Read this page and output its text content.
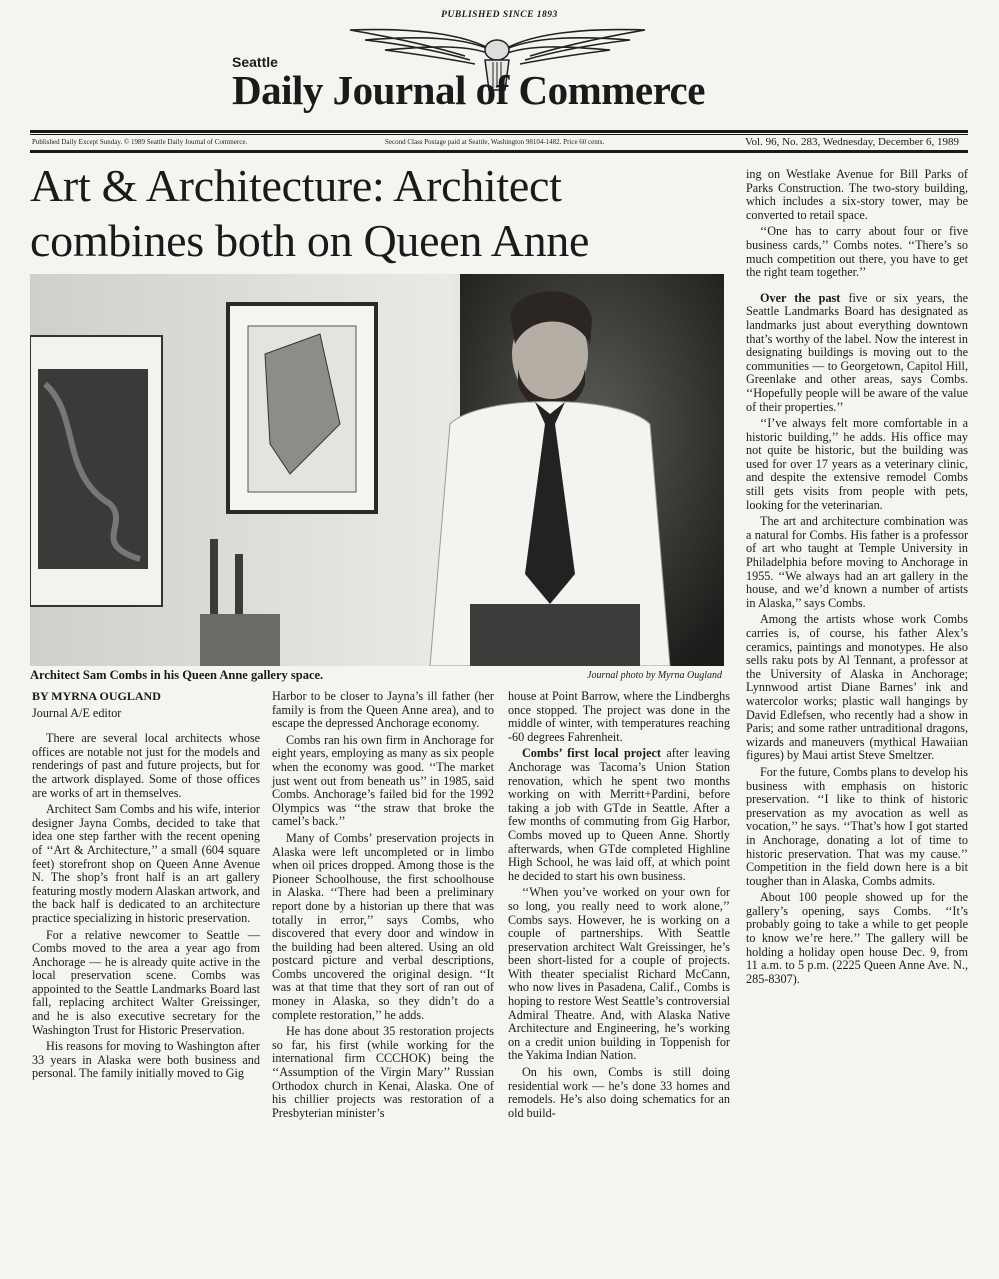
PUBLISHED SINCE 1893
Seattle
Daily Journal of Commerce
Published Daily Except Sunday. © 1989 Seattle Daily Journal of Commerce.	Second Class Postage paid at Seattle, Washington 98104-1482. Price 60 cents.	Vol. 96, No. 283, Wednesday, December 6, 1989
Art & Architecture: Architect
combines both on Queen Anne
Architect Sam Combs in his Queen Anne gallery space.	Journal photo by Myrna Ougland

BY MYRNA OUGLAND

Journal A/E editor

There are several local architects whose offices are notable not just for the models and renderings of past and future projects, but for the artwork displayed. Some of those offices are works of art in themselves.

Architect Sam Combs and his wife, interior designer Jayna Combs, decided to take that idea one step farther with the recent opening of ‘‘Art & Architecture,’’ a small (604 square feet) storefront shop on Queen Anne Avenue N. The shop’s front half is an art gallery featuring mostly modern Alaskan artwork, and the back half is dedicated to an architecture practice specializing in historic preservation.

For a relative newcomer to Seattle — Combs moved to the area a year ago from Anchorage — he is already quite active in the local preservation scene. Combs was appointed to the Seattle Landmarks Board last fall, replacing architect Walter Greissinger, and he is also executive secretary for the Washington Trust for Historic Preservation.

His reasons for moving to Washington after 33 years in Alaska were both business and personal. The family initially moved to Gig

Harbor to be closer to Jayna’s ill father (her family is from the Queen Anne area), and to escape the depressed Anchorage economy.

Combs ran his own firm in Anchorage for eight years, employing as many as six people when the economy was good. ‘‘The market just went out from beneath us’’ in 1985, said Combs. Anchorage’s failed bid for the 1992 Olympics was ‘‘the straw that broke the camel’s back.’’

Many of Combs’ preservation projects in Alaska were left uncompleted or in limbo when oil prices dropped. Among those is the Pioneer Schoolhouse, the first schoolhouse in Alaska. ‘‘There had been a preliminary report done by a historian up there that was totally in error,’’ says Combs, who discovered that every door and window in the building had been altered. Using an old postcard picture and verbal descriptions, Combs uncovered the original design. ‘‘It was at that time that they sort of ran out of money in Alaska, so they didn’t do a complete restoration,’’ he adds.

He has done about 35 restoration projects so far, his first (while working for the international firm CCCHOK) being the ‘‘Assumption of the Virgin Mary’’ Russian Orthodox church in Kenai, Alaska. One of his chillier projects was restoration of a Presbyterian minister’s

house at Point Barrow, where the Lindberghs once stopped. The project was done in the middle of winter, with temperatures reaching -60 degrees Fahrenheit.

Combs’ first local project after leaving Anchorage was Tacoma’s Union Station renovation, which he spent two months working on with Merritt+Pardini, before taking a job with GTde in Seattle. After a few months of commuting from Gig Harbor, Combs moved up to Queen Anne. Shortly afterwards, when GTde completed Highline High School, he was laid off, at which point he decided to start his own business.

‘‘When you’ve worked on your own for so long, you really need to work alone,’’ Combs says. However, he is working on a couple of partnerships. With Seattle preservation architect Walt Greissinger, he’s been short-listed for a couple of projects. With theater specialist Richard McCann, who now lives in Pasadena, Calif., Combs is hoping to restore West Seattle’s controversial Admiral Theatre. And, with Alaska Native Architecture and Engineering, he’s working on a credit union building in Toppenish for the Yakima Indian Nation.

On his own, Combs is still doing residential work — he’s done 33 homes and remodels. He’s also doing schematics for an old build-

ing on Westlake Avenue for Bill Parks of Parks Construction. The two-story building, which includes a six-story tower, may be converted to retail space.

‘‘One has to carry about four or five business cards,’’ Combs notes. ‘‘There’s so much competition out there, you have to get the right team together.’’

Over the past five or six years, the Seattle Landmarks Board has designated as landmarks just about everything downtown that’s worthy of the label. Now the interest in designating buildings is moving out to the communities — to Georgetown, Capitol Hill, Greenlake and other areas, says Combs. ‘‘Hopefully people will be aware of the value of their properties.’’

‘‘I’ve always felt more comfortable in a historic building,’’ he adds. His office may not quite be historic, but the building was used for over 17 years as a veterinary clinic, and despite the extensive remodel Combs still gets visits from people with pets, looking for the veterinarian.

The art and architecture combination was a natural for Combs. His father is a professor of art who taught at Temple University in Philadelphia before moving to Anchorage in 1955. ‘‘We always had an art gallery in the house, and we’d known a number of artists in Alaska,’’ says Combs.

Among the artists whose work Combs carries is, of course, his father Alex’s ceramics, paintings and monotypes. He also sells raku pots by Al Tennant, a professor at the University of Alaska in Anchorage; Lynnwood artist Diane Barnes’ ink and watercolor works; plastic wall hangings by David Edlefsen, who recently had a show in Paris; and some rather untraditional dragons, wizards and maneuvers (mythical Hawaiian figures) by Maui artist Steve Smeltzer.

For the future, Combs plans to develop his business with emphasis on historic preservation. ‘‘I like to think of historic preservation as my avocation as well as vocation,’’ he says. ‘‘That’s how I got started in Anchorage, donating a lot of time to historic preservation. That was my cause.’’ Competition in the field down here is a bit tougher than in Alaska, Combs admits.

About 100 people showed up for the gallery’s opening, says Combs. ‘‘It’s probably going to take a while to get people to know we’re here.’’ The gallery will be holding a holiday open house Dec. 9, from 11 a.m. to 5 p.m. (2225 Queen Anne Ave. N., 285-8307).
